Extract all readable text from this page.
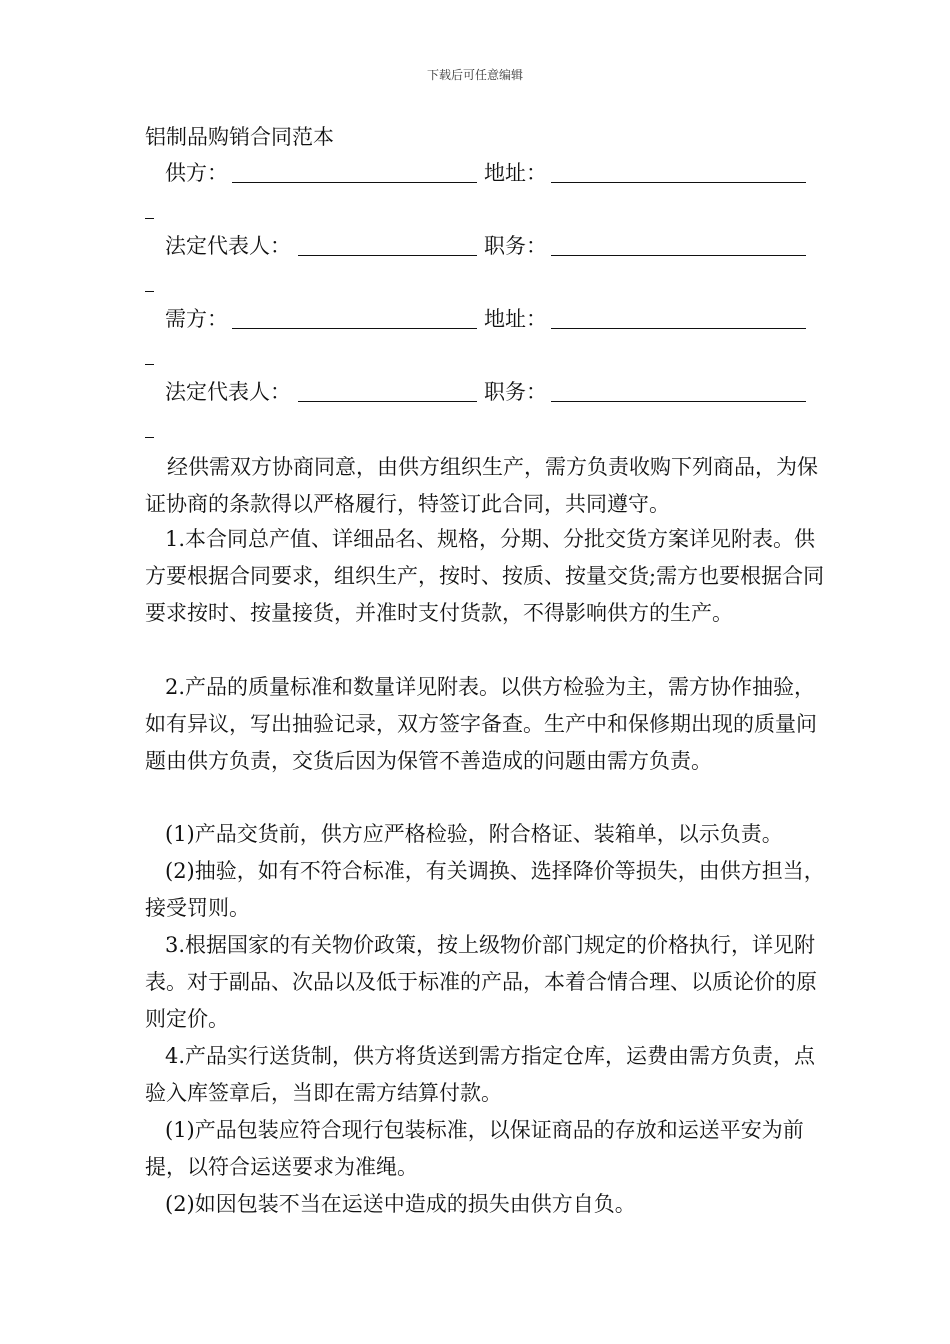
下载后可任意编辑
铝制品购销合同范本
供方：	地址：
法定代表人：	职务：
需方：	地址：
法定代表人：	职务：

经供需双方协商同意，由供方组织生产，需方负责收购下列商品，为保证协商的条款得以严格履行，特签订此合同，共同遵守。

1.本合同总产值、详细品名、规格，分期、分批交货方案详见附表。供方要根据合同要求，组织生产，按时、按质、按量交货;需方也要根据合同要求按时、按量接货，并准时支付货款，不得影响供方的生产。

2.产品的质量标准和数量详见附表。以供方检验为主，需方协作抽验，如有异议，写出抽验记录，双方签字备查。生产中和保修期出现的质量问题由供方负责，交货后因为保管不善造成的问题由需方负责。

(1)产品交货前，供方应严格检验，附合格证、装箱单，以示负责。

(2)抽验，如有不符合标准，有关调换、选择降价等损失，由供方担当，接受罚则。

3.根据国家的有关物价政策，按上级物价部门规定的价格执行，详见附表。对于副品、次品以及低于标准的产品，本着合情合理、以质论价的原则定价。

4.产品实行送货制，供方将货送到需方指定仓库，运费由需方负责，点验入库签章后，当即在需方结算付款。

(1)产品包装应符合现行包装标准，以保证商品的存放和运送平安为前提，以符合运送要求为准绳。

(2)如因包装不当在运送中造成的损失由供方自负。
